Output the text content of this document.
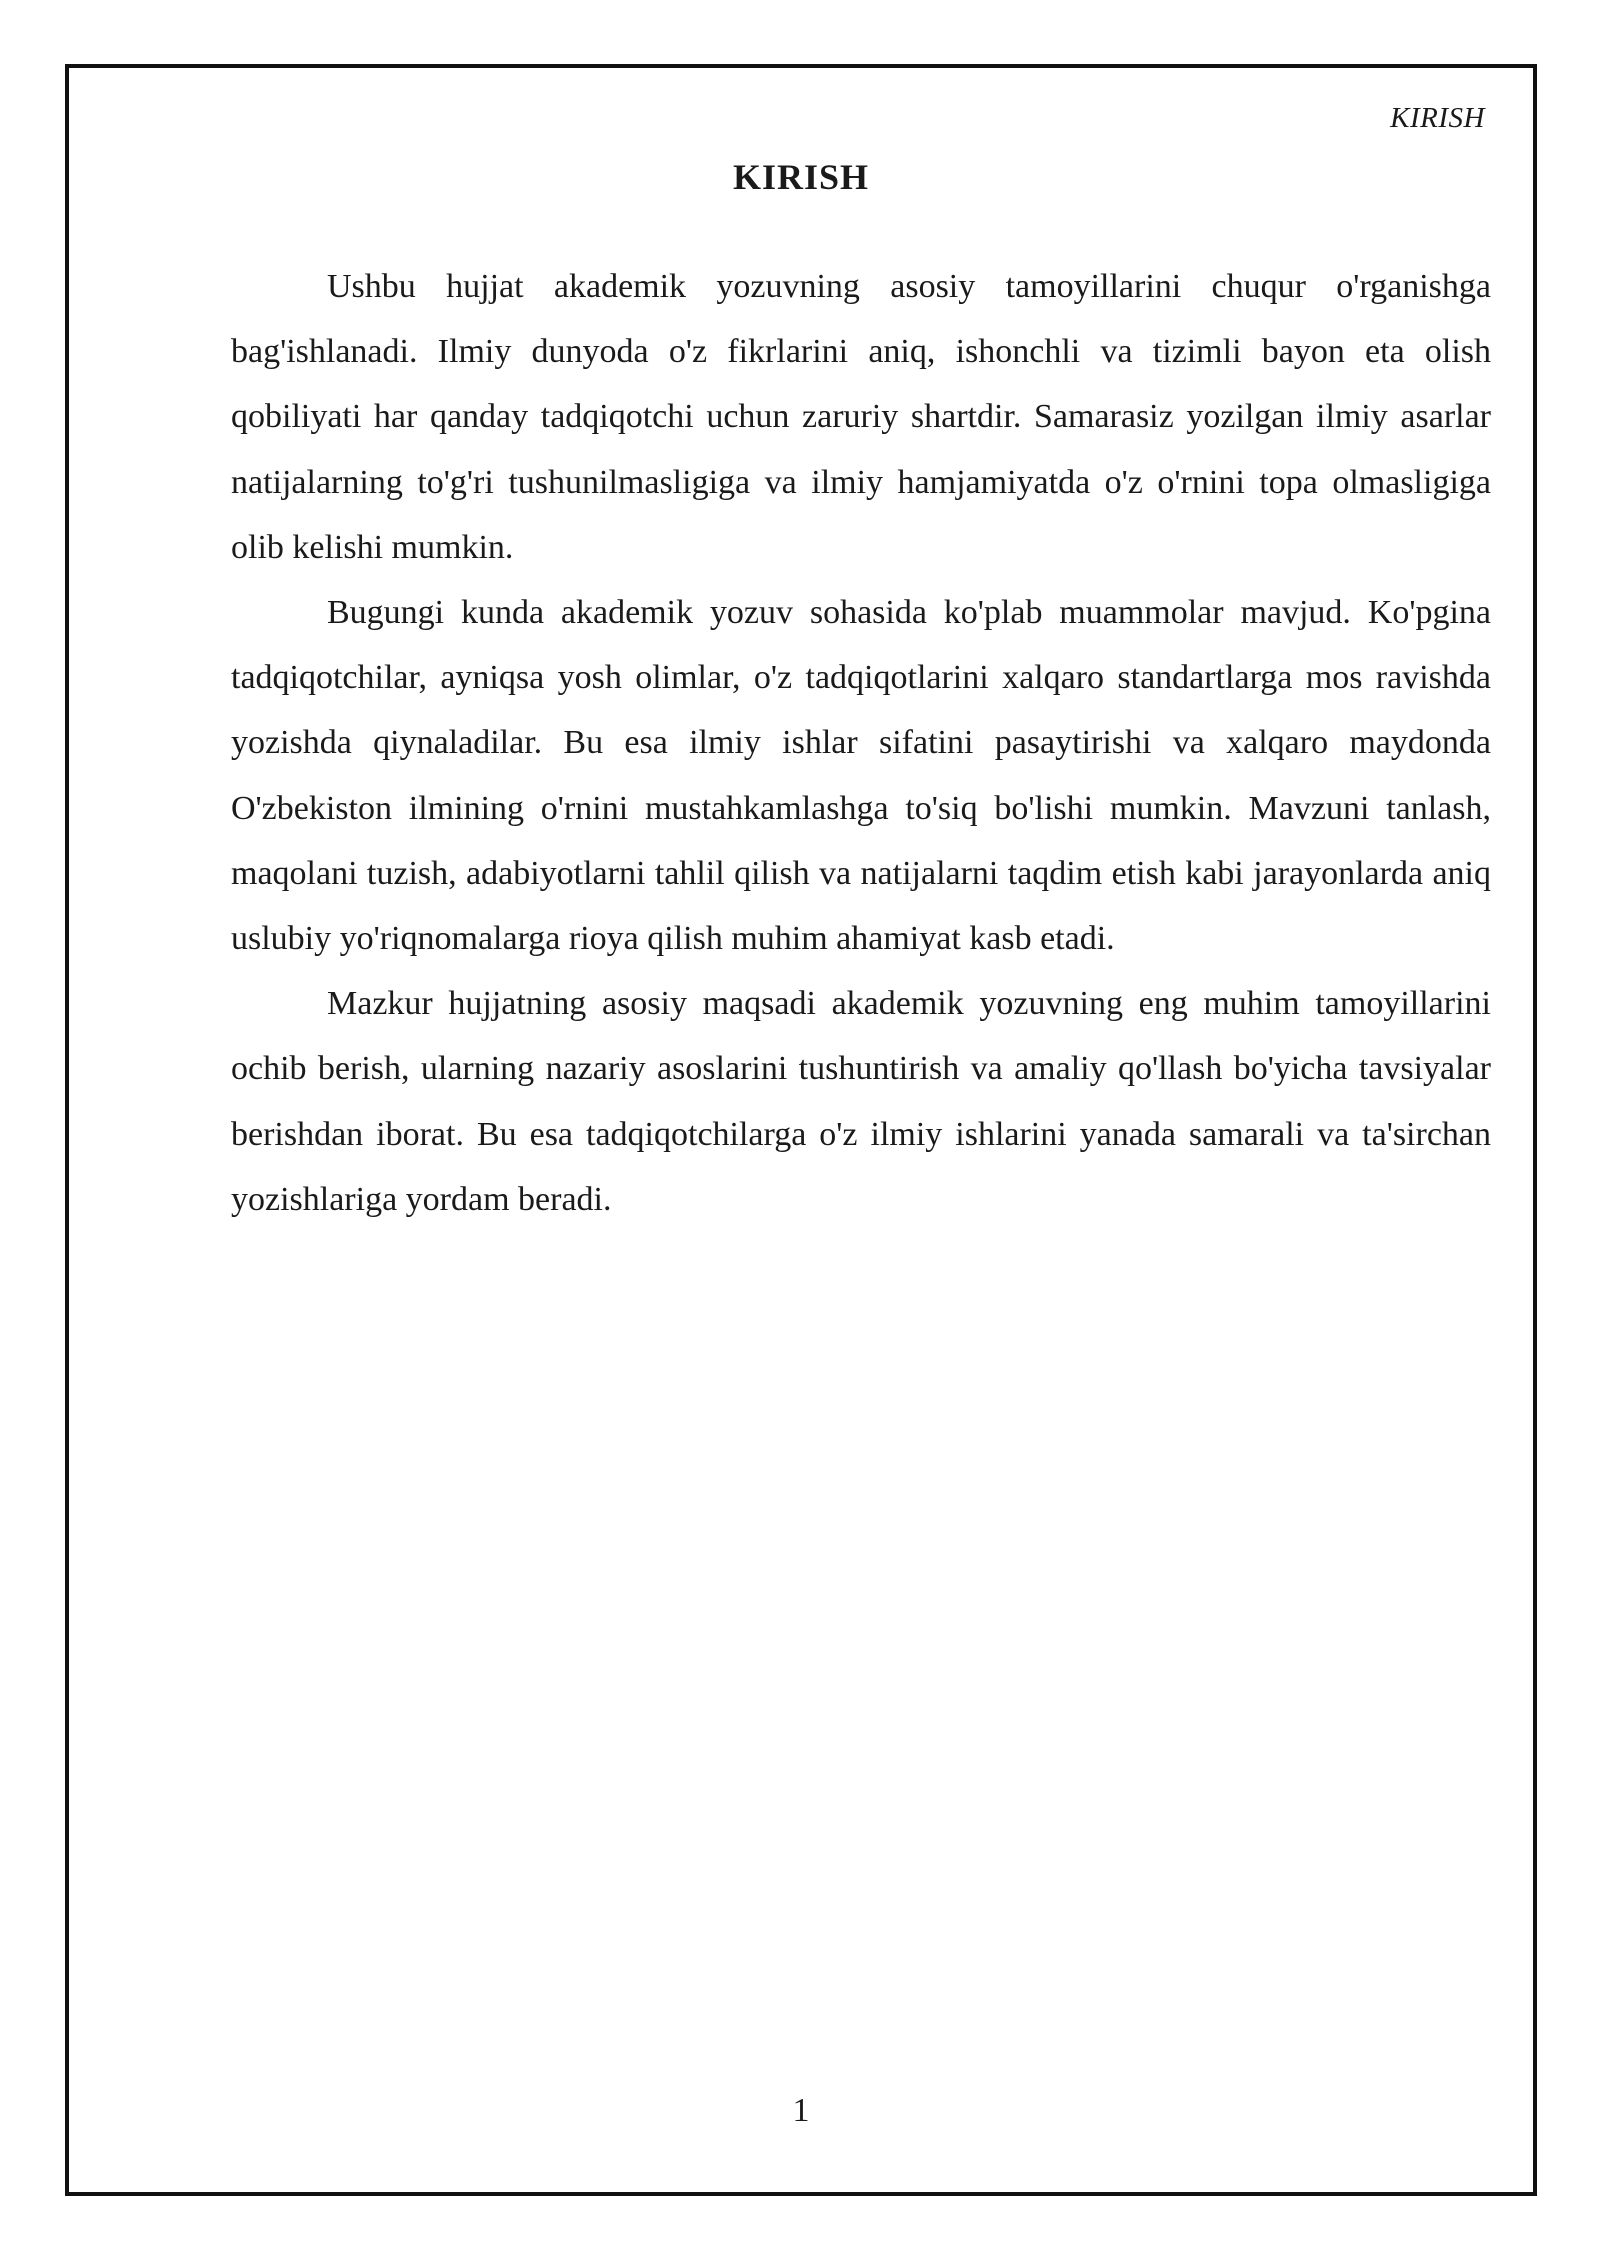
KIRISH
KIRISH

Ushbu hujjat akademik yozuvning asosiy tamoyillarini chuqur o'rganishga bag'ishlanadi. Ilmiy dunyoda o'z fikrlarini aniq, ishonchli va tizimli bayon eta olish qobiliyati har qanday tadqiqotchi uchun zaruriy shartdir. Samarasiz yozilgan ilmiy asarlar natijalarning to'g'ri tushunilmasligiga va ilmiy hamjamiyatda o'z o'rnini topa olmasligiga olib kelishi mumkin.

Bugungi kunda akademik yozuv sohasida ko'plab muammolar mavjud. Ko'pgina tadqiqotchilar, ayniqsa yosh olimlar, o'z tadqiqotlarini xalqaro standartlarga mos ravishda yozishda qiynaladilar. Bu esa ilmiy ishlar sifatini pasaytirishi va xalqaro maydonda O'zbekiston ilmining o'rnini mustahkamlashga to'siq bo'lishi mumkin. Mavzuni tanlash, maqolani tuzish, adabiyotlarni tahlil qilish va natijalarni taqdim etish kabi jarayonlarda aniq uslubiy yo'riqnomalarga rioya qilish muhim ahamiyat kasb etadi.

Mazkur hujjatning asosiy maqsadi akademik yozuvning eng muhim tamoyillarini ochib berish, ularning nazariy asoslarini tushuntirish va amaliy qo'llash bo'yicha tavsiyalar berishdan iborat. Bu esa tadqiqotchilarga o'z ilmiy ishlarini yanada samarali va ta'sirchan yozishlariga yordam beradi.

1
